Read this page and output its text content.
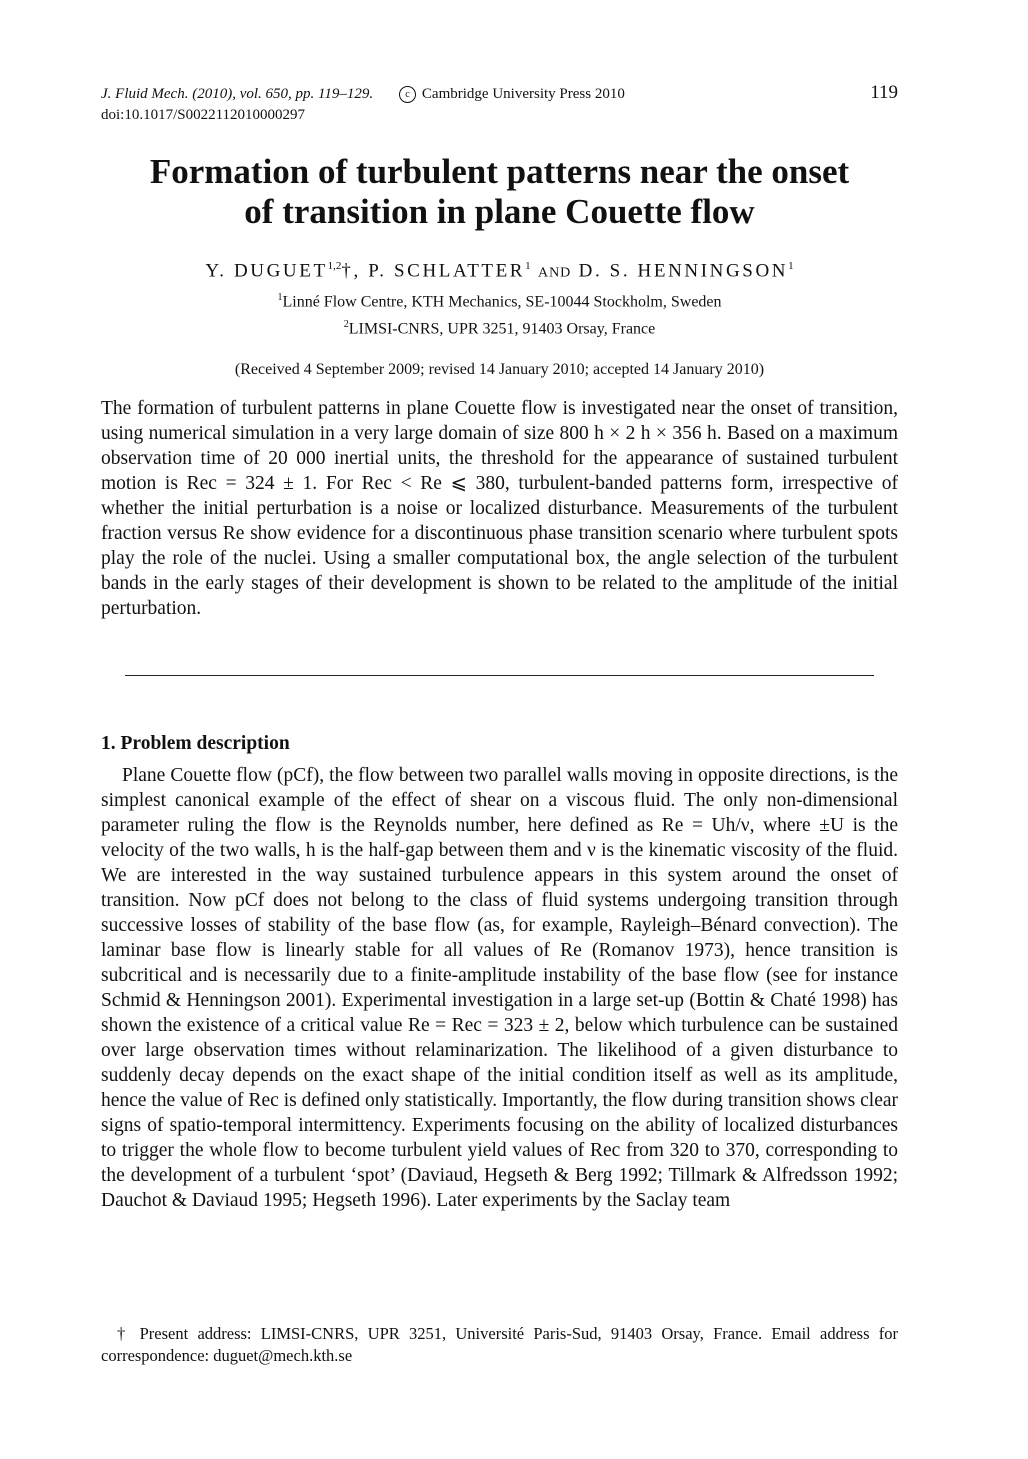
J. Fluid Mech. (2010), vol. 650, pp. 119–129.	c Cambridge University Press 2010
doi:10.1017/S0022112010000297
119
Formation of turbulent patterns near the onset
of transition in plane Couette flow
Y. DUGUET$^{1,2}$†, P. SCHLATTER$^1$ AND D. S. HENNINGSON$^1$
$^1$Linné Flow Centre, KTH Mechanics, SE-10044 Stockholm, Sweden
$^2$LIMSI-CNRS, UPR 3251, 91403 Orsay, France
(Received 4 September 2009; revised 14 January 2010; accepted 14 January 2010)
The formation of turbulent patterns in plane Couette flow is investigated near the onset of transition, using numerical simulation in a very large domain of size 800 h × 2 h × 356 h. Based on a maximum observation time of 20 000 inertial units, the threshold for the appearance of sustained turbulent motion is Rec = 324 ± 1. For Rec < Re ⩽ 380, turbulent-banded patterns form, irrespective of whether the initial perturbation is a noise or localized disturbance. Measurements of the turbulent fraction versus Re show evidence for a discontinuous phase transition scenario where turbulent spots play the role of the nuclei. Using a smaller computational box, the angle selection of the turbulent bands in the early stages of their development is shown to be related to the amplitude of the initial perturbation.
1. Problem description
Plane Couette flow (pCf), the flow between two parallel walls moving in opposite directions, is the simplest canonical example of the effect of shear on a viscous fluid. The only non-dimensional parameter ruling the flow is the Reynolds number, here defined as Re = Uh/ν, where ±U is the velocity of the two walls, h is the half-gap between them and ν is the kinematic viscosity of the fluid. We are interested in the way sustained turbulence appears in this system around the onset of transition. Now pCf does not belong to the class of fluid systems undergoing transition through successive losses of stability of the base flow (as, for example, Rayleigh–Bénard convection). The laminar base flow is linearly stable for all values of Re (Romanov 1973), hence transition is subcritical and is necessarily due to a finite-amplitude instability of the base flow (see for instance Schmid & Henningson 2001). Experimental investigation in a large set-up (Bottin & Chaté 1998) has shown the existence of a critical value Re = Rec = 323 ± 2, below which turbulence can be sustained over large observation times without relaminarization. The likelihood of a given disturbance to suddenly decay depends on the exact shape of the initial condition itself as well as its amplitude, hence the value of Rec is defined only statistically. Importantly, the flow during transition shows clear signs of spatio-temporal intermittency. Experiments focusing on the ability of localized disturbances to trigger the whole flow to become turbulent yield values of Rec from 320 to 370, corresponding to the development of a turbulent ‘spot’ (Daviaud, Hegseth & Berg 1992; Tillmark & Alfredsson 1992; Dauchot & Daviaud 1995; Hegseth 1996). Later experiments by the Saclay team
† Present address: LIMSI-CNRS, UPR 3251, Université Paris-Sud, 91403 Orsay, France. Email address for correspondence: duguet@mech.kth.se
